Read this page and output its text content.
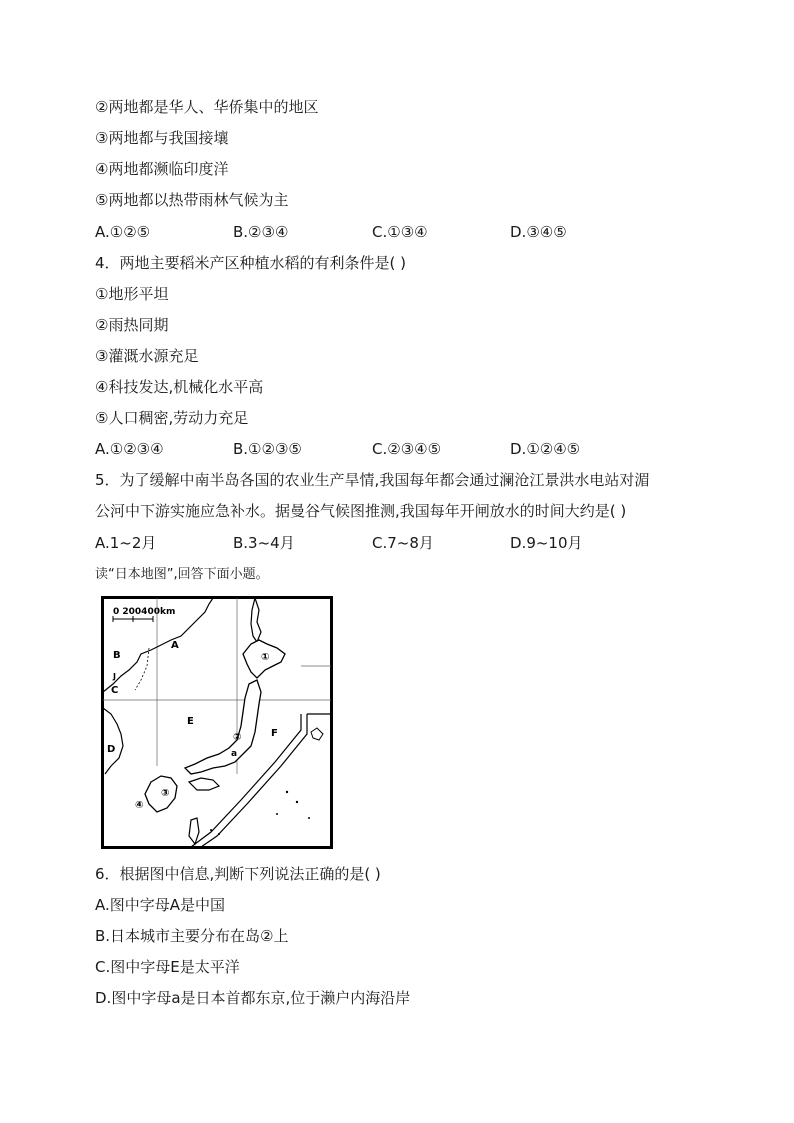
②两地都是华人、华侨集中的地区
③两地都与我国接壤
④两地都濒临印度洋
⑤两地都以热带雨林气候为主
A.①②⑤	B.②③④	C.①③④	D.③④⑤
4．两地主要稻米产区种植水稻的有利条件是( )
①地形平坦
②雨热同期
③灌溉水源充足
④科技发达,机械化水平高
⑤人口稠密,劳动力充足
A.①②③④	B.①②③⑤	C.②③④⑤	D.①②④⑤
5．为了缓解中南半岛各国的农业生产旱情,我国每年都会通过澜沧江景洪水电站对湄
公河中下游实施应急补水。据曼谷气候图推测,我国每年开闸放水的时间大约是( )
A.1~2月	B.3~4月	C.7~8月	D.9~10月
读“日本地图”,回答下面小题。
0 200400km
A
B
J
C
D
E
F
a
①
②
③
④
6．根据图中信息,判断下列说法正确的是( )
A.图中字母A是中国
B.日本城市主要分布在岛②上
C.图中字母E是太平洋
D.图中字母a是日本首都东京,位于濑户内海沿岸
